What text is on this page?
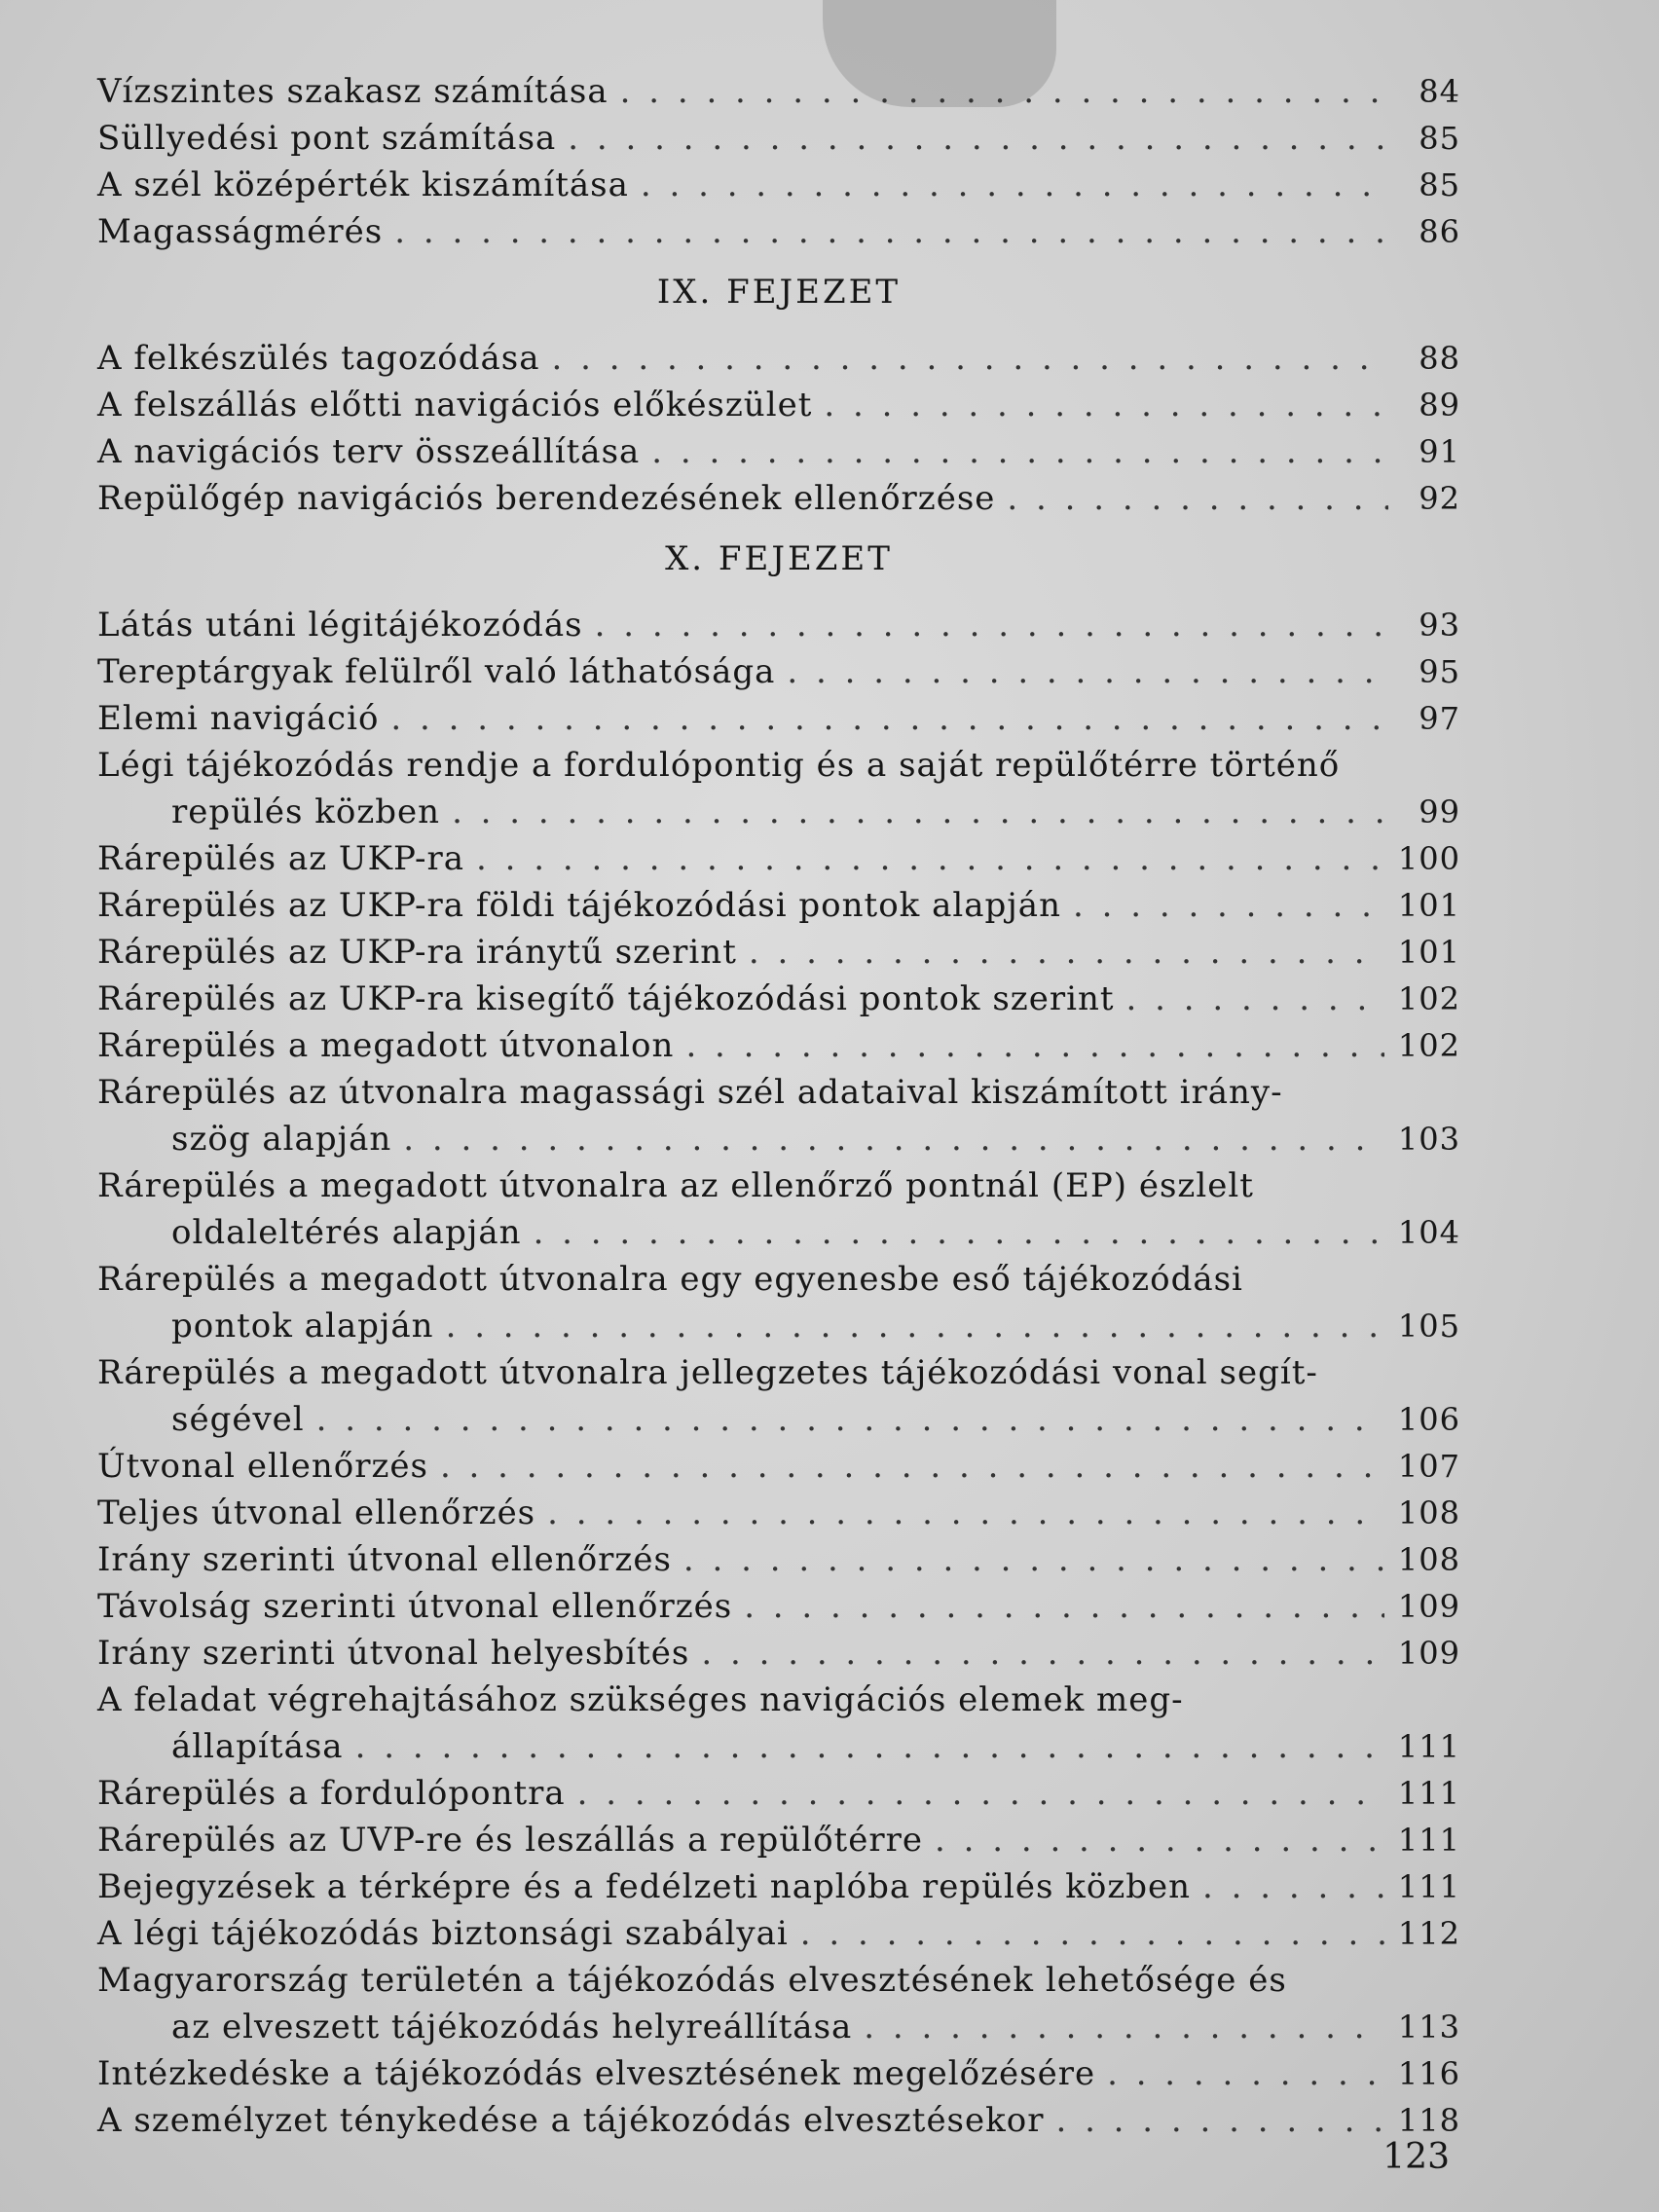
Vízszintes szakasz számítása . . .	84
Süllyedési pont számítása . . .	85
A szél középérték kiszámítása . . .	85
Magasságmérés . . .	86
IX. FEJEZET
A felkészülés tagozódása . . .	88
A felszállás előtti navigációs előkészület . . .	89
A navigációs terv összeállítása . . .	91
Repülőgép navigációs berendezésének ellenőrzése . . .	92
X. FEJEZET
Látás utáni légitájékozódás . . .	93
Tereptárgyak felülről való láthatósága . . .	95
Elemi navigáció . . .	97
Légi tájékozódás rendje a fordulópontig és a saját repülőtérre történő
repülés közben . . .	99
Rárepülés az UKP-ra . . .	100
Rárepülés az UKP-ra földi tájékozódási pontok alapján . . .	101
Rárepülés az UKP-ra iránytű szerint . . .	101
Rárepülés az UKP-ra kisegítő tájékozódási pontok szerint . . .	102
Rárepülés a megadott útvonalon . . .	102
Rárepülés az útvonalra magassági szél adataival kiszámított irány-
szög alapján . . .	103
Rárepülés a megadott útvonalra az ellenőrző pontnál (EP) észlelt
oldaleltérés alapján . . .	104
Rárepülés a megadott útvonalra egy egyenesbe eső tájékozódási
pontok alapján . . .	105
Rárepülés a megadott útvonalra jellegzetes tájékozódási vonal segít-
ségével . . .	106
Útvonal ellenőrzés . . .	107
Teljes útvonal ellenőrzés . . .	108
Irány szerinti útvonal ellenőrzés . . .	108
Távolság szerinti útvonal ellenőrzés . . .	109
Irány szerinti útvonal helyesbítés . . .	109
A feladat végrehajtásához szükséges navigációs elemek meg-
állapítása . . .	111
Rárepülés a fordulópontra . . .	111
Rárepülés az UVP-re és leszállás a repülőtérre . . .	111
Bejegyzések a térképre és a fedélzeti naplóba repülés közben . . .	111
A légi tájékozódás biztonsági szabályai . . .	112
Magyarország területén a tájékozódás elvesztésének lehetősége és
az elveszett tájékozódás helyreállítása . . .	113
Intézkedéske a tájékozódás elvesztésének megelőzésére . . .	116
A személyzet ténykedése a tájékozódás elvesztésekor . . .	118
123
